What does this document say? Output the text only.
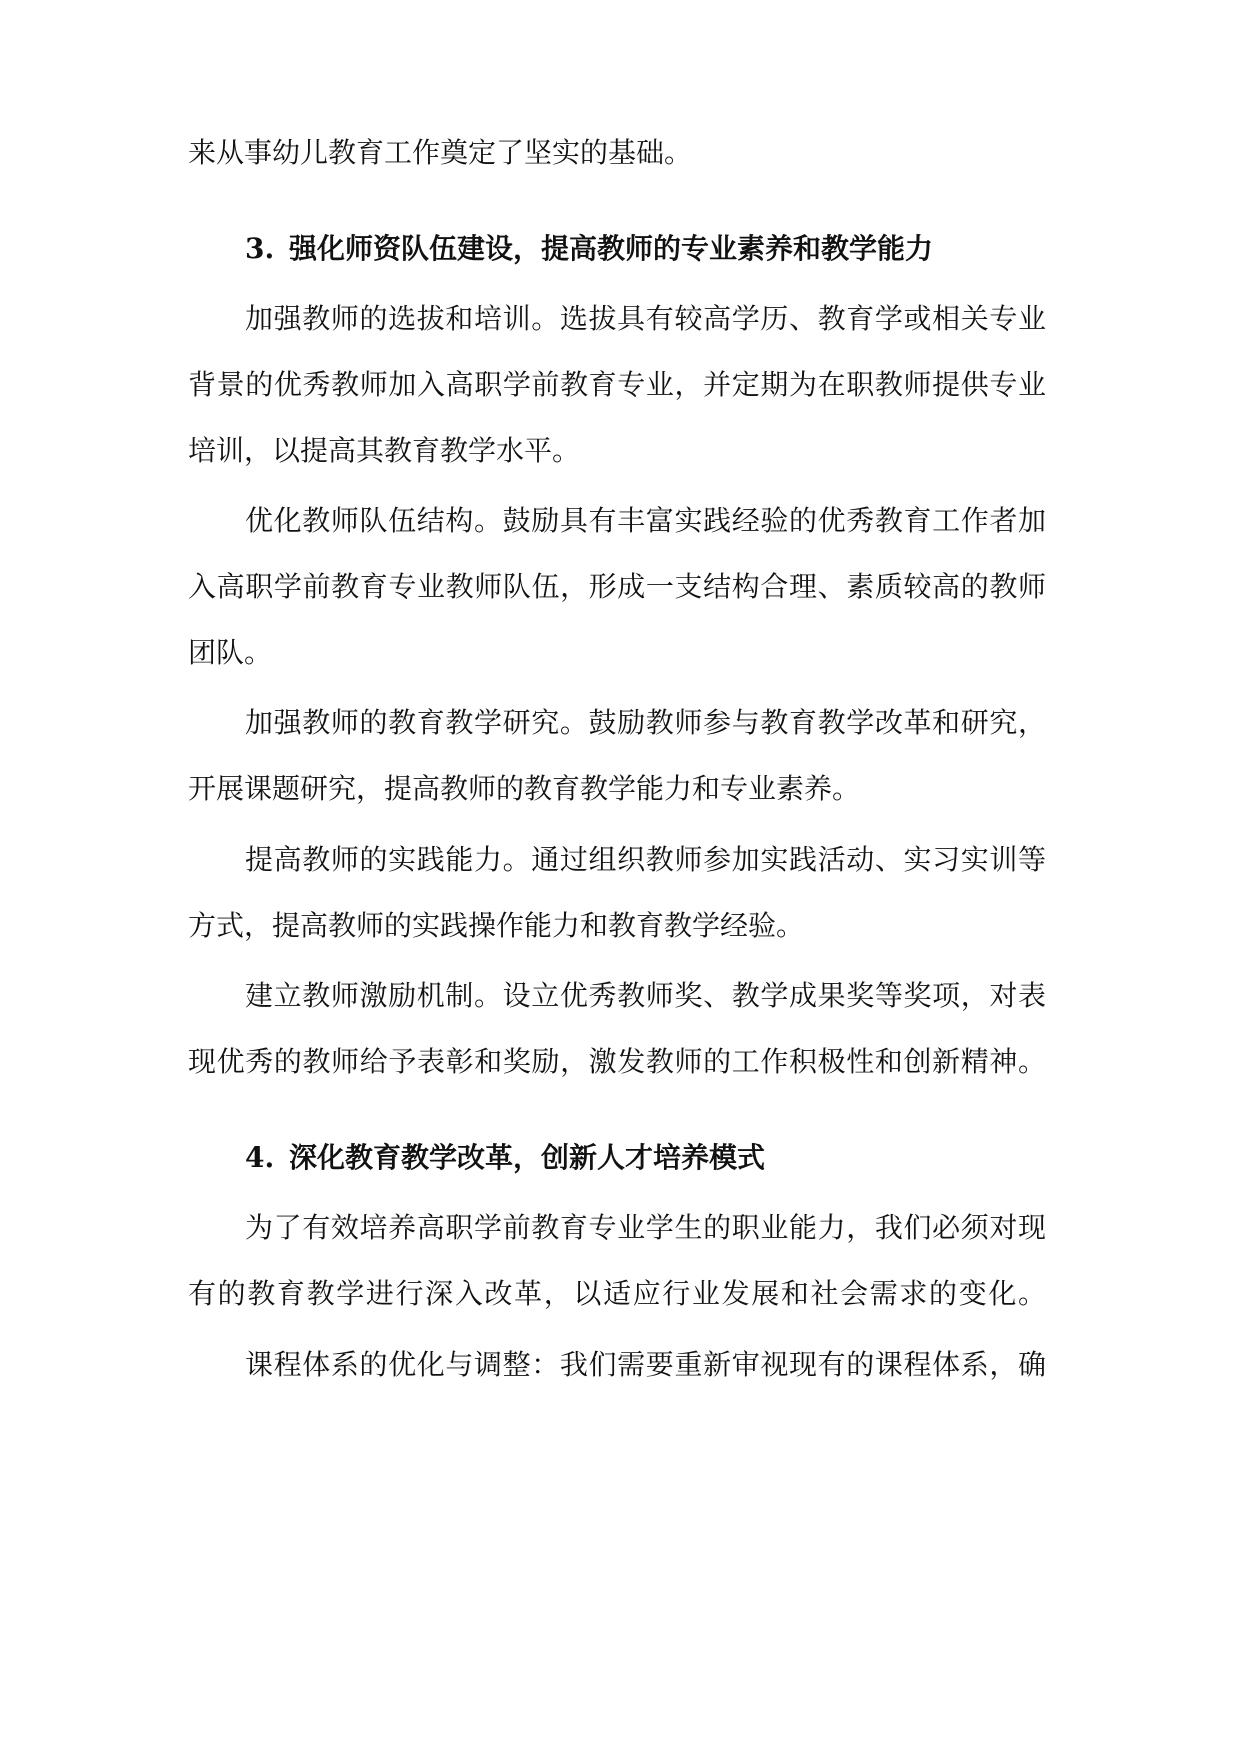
来从事幼儿教育工作奠定了坚实的基础。
3. 强化师资队伍建设，提高教师的专业素养和教学能力
加强教师的选拔和培训。选拔具有较高学历、教育学或相关专业
背景的优秀教师加入高职学前教育专业，并定期为在职教师提供专业
培训，以提高其教育教学水平。
优化教师队伍结构。鼓励具有丰富实践经验的优秀教育工作者加
入高职学前教育专业教师队伍，形成一支结构合理、素质较高的教师
团队。
加强教师的教育教学研究。鼓励教师参与教育教学改革和研究，
开展课题研究，提高教师的教育教学能力和专业素养。
提高教师的实践能力。通过组织教师参加实践活动、实习实训等
方式，提高教师的实践操作能力和教育教学经验。
建立教师激励机制。设立优秀教师奖、教学成果奖等奖项，对表
现优秀的教师给予表彰和奖励，激发教师的工作积极性和创新精神。
4. 深化教育教学改革，创新人才培养模式
为了有效培养高职学前教育专业学生的职业能力，我们必须对现
有的教育教学进行深入改革，以适应行业发展和社会需求的变化。
课程体系的优化与调整：我们需要重新审视现有的课程体系，确
